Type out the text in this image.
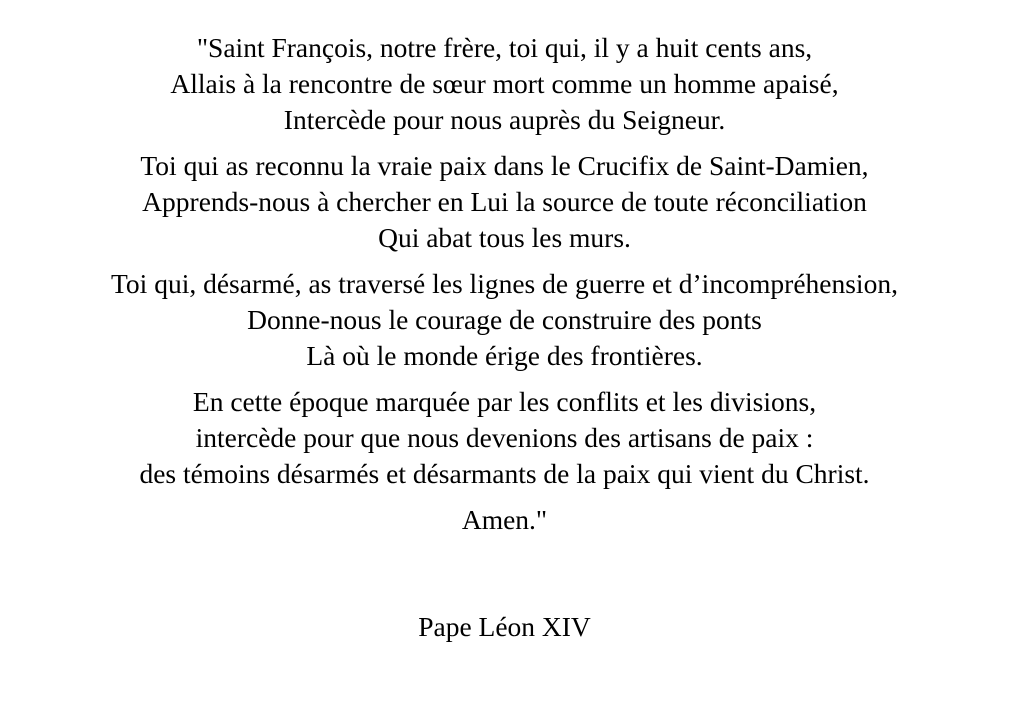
"Saint François, notre frère, toi qui, il y a huit cents ans,
Allais à la rencontre de sœur mort comme un homme apaisé,
Intercède pour nous auprès du Seigneur.
Toi qui as reconnu la vraie paix dans le Crucifix de Saint-Damien,
Apprends-nous à chercher en Lui la source de toute réconciliation
Qui abat tous les murs.
Toi qui, désarmé, as traversé les lignes de guerre et d’incompréhension,
Donne-nous le courage de construire des ponts
Là où le monde érige des frontières.
En cette époque marquée par les conflits et les divisions,
intercède pour que nous devenions des artisans de paix :
des témoins désarmés et désarmants de la paix qui vient du Christ.
Amen."
Pape Léon XIV
